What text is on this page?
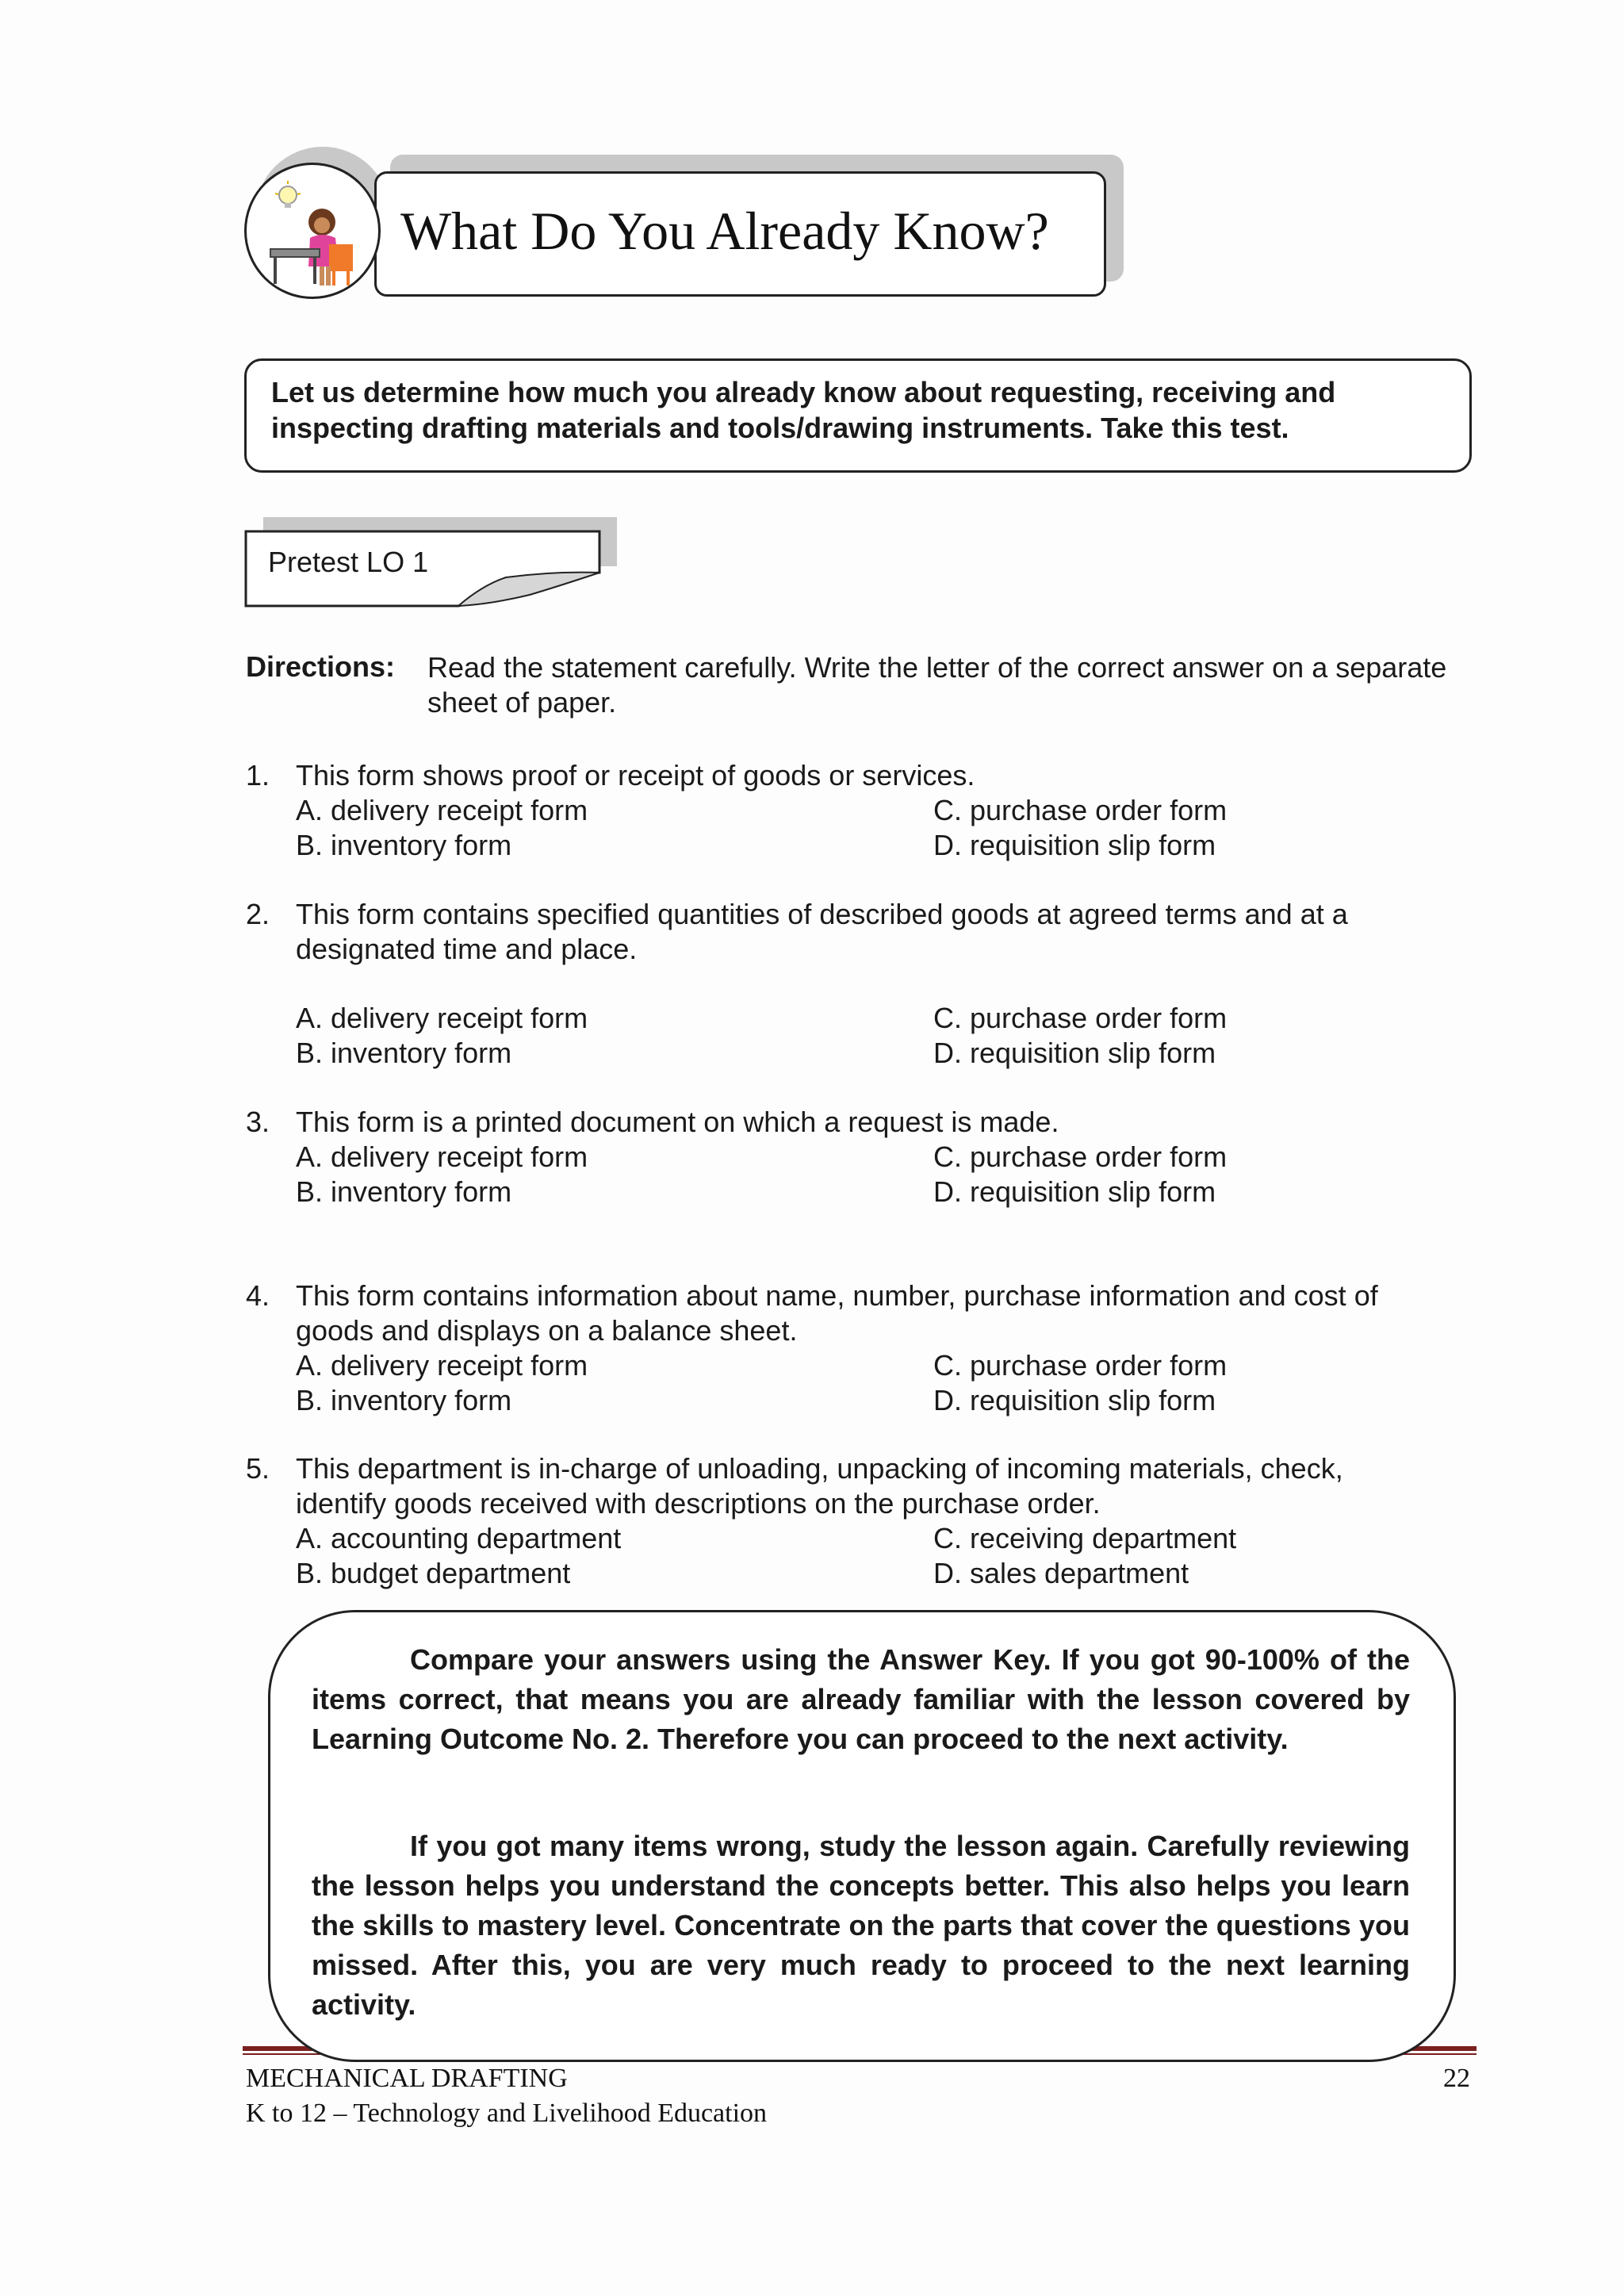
What Do You Already Know?
Let us determine how much you already know about requesting, receiving and inspecting drafting materials and tools/drawing instruments. Take this test.
Pretest LO 1
Directions: Read the statement carefully. Write the letter of the correct answer on a separate sheet of paper.
1. This form shows proof or receipt of goods or services.
A. delivery receipt form
B. inventory form
C. purchase order form
D. requisition slip form
2. This form contains specified quantities of described goods at agreed terms and at a designated time and place.
A. delivery receipt form
B. inventory form
C. purchase order form
D. requisition slip form
3. This form is a printed document on which a request is made.
A. delivery receipt form
B. inventory form
C. purchase order form
D. requisition slip form
4. This form contains information about name, number, purchase information and cost of goods and displays on a balance sheet.
A. delivery receipt form
B. inventory form
C. purchase order form
D. requisition slip form
5. This department is in-charge of unloading, unpacking of incoming materials, check, identify goods received with descriptions on the purchase order.
A. accounting department
B. budget department
C. receiving department
D. sales department
Compare your answers using the Answer Key. If you got 90-100% of the items correct, that means you are already familiar with the lesson covered by Learning Outcome No. 2. Therefore you can proceed to the next activity.
If you got many items wrong, study the lesson again. Carefully reviewing the lesson helps you understand the concepts better. This also helps you learn the skills to mastery level. Concentrate on the parts that cover the questions you missed. After this, you are very much ready to proceed to the next learning activity.
MECHANICAL DRAFTING	22
K to 12 – Technology and Livelihood Education
